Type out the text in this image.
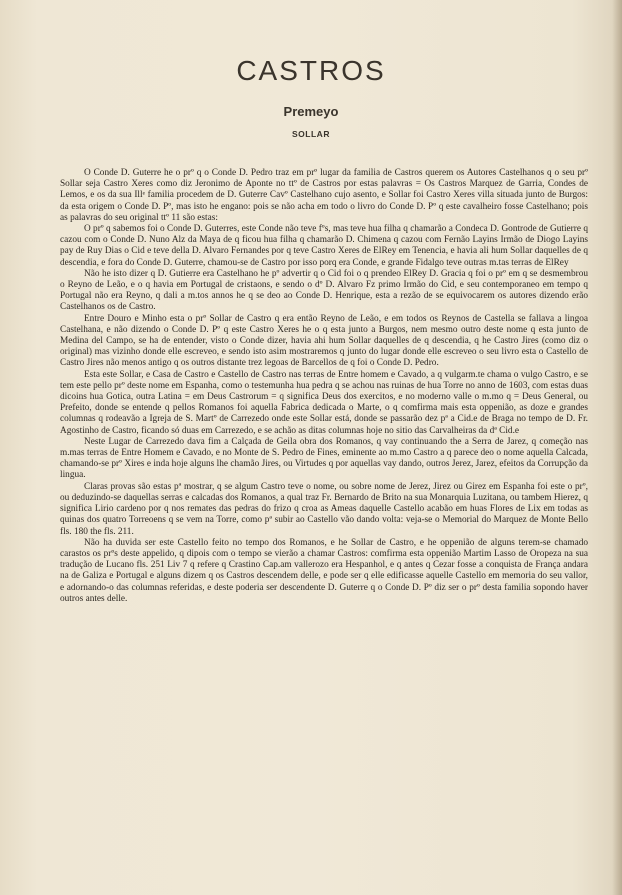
CASTROS
Premeyo
SOLLAR

O Conde D. Guterre he o prº q o Conde D. Pedro traz em prº lugar da familia de Castros querem os Autores Castelhanos q o seu prº Sollar seja Castro Xeres como diz Jeronimo de Aponte no ttº de Castros por estas palavras = Os Castros Marquez de Garria, Condes de Lemos, e os da sua Illᵉ familia procedem de D. Guterre Cavº Castelhano cujo asento, e Sollar foi Castro Xeres villa situada junto de Burgos: da esta origem o Conde D. Pº, mas isto he engano: pois se não acha em todo o livro do Conde D. Pº q este cavalheiro fosse Castelhano; pois as palavras do seu original ttº 11 são estas:

O prº q sabemos foi o Conde D. Guterres, este Conde não teve fºs, mas teve hua filha q chamarão a Condeca D. Gontrode de Gutierre q cazou com o Conde D. Nuno Alz da Maya de q ficou hua filha q chamarão D. Chimena q cazou com Fernão Layins Irmão de Diogo Layins pay de Ruy Dias o Cid e teve della D. Alvaro Fernandes por q teve Castro Xeres de ElRey em Tenencia, e havia ali hum Sollar daquelles de q descendia, e fora do Conde D. Guterre, chamou-se de Castro por isso porq era Conde, e grande Fidalgo teve outras m.tas terras de ElRey

Não he isto dizer q D. Gutierre era Castelhano he pº advertir q o Cid foi o q prendeo ElRey D. Gracia q foi o prº em q se desmembrou o Reyno de Leão, e o q havia em Portugal de cristaons, e sendo o dº D. Alvaro Fz primo Irmão do Cid, e seu contemporaneo em tempo q Portugal não era Reyno, q dali a m.tos annos he q se deo ao Conde D. Henrique, esta a rezão de se equivocarem os autores dizendo erão Castelhanos os de Castro.

Entre Douro e Minho esta o prº Sollar de Castro q era então Reyno de Leão, e em todos os Reynos de Castella se fallava a lingoa Castelhana, e não dizendo o Conde D. Pº q este Castro Xeres he o q esta junto a Burgos, nem mesmo outro deste nome q esta junto de Medina del Campo, se ha de entender, visto o Conde dizer, havia ahi hum Sollar daquelles de q descendia, q he Castro Jires (como diz o original) mas vizinho donde elle escreveo, e sendo isto asim mostraremos q junto do lugar donde elle escreveo o seu livro esta o Castello de Castro Jires não menos antigo q os outros distante trez legoas de Barcellos de q foi o Conde D. Pedro.

Esta este Sollar, e Casa de Castro e Castello de Castro nas terras de Entre homem e Cavado, a q vulgarm.te chama o vulgo Castro, e se tem este pello prº deste nome em Espanha, como o testemunha hua pedra q se achou nas ruinas de hua Torre no anno de 1603, com estas duas dicoins hua Gotica, outra Latina = em Deus Castrorum = q significa Deus dos exercitos, e no moderno valle o m.mo q = Deus General, ou Prefeito, donde se entende q pellos Romanos foi aquella Fabrica dedicada o Marte, o q comfirma mais esta oppenião, as doze e grandes columnas q rodeavão a Igreja de S. Martº de Carrezedo onde este Sollar está, donde se passarão dez pª a Cid.e de Braga no tempo de D. Fr. Agostinho de Castro, ficando só duas em Carrezedo, e se achão as ditas columnas hoje no sitio das Carvalheiras da dª Cid.e

Neste Lugar de Carrezedo dava fim a Calçada de Geila obra dos Romanos, q vay continuando the a Serra de Jarez, q começão nas m.mas terras de Entre Homem e Cavado, e no Monte de S. Pedro de Fines, eminente ao m.mo Castro a q parece deo o nome aquella Calcada, chamando-se prº Xires e inda hoje alguns lhe chamão Jires, ou Virtudes q por aquellas vay dando, outros Jerez, Jarez, efeitos da Corrupção da lingua.

Claras provas são estas pª mostrar, q se algum Castro teve o nome, ou sobre nome de Jerez, Jirez ou Girez em Espanha foi este o prº, ou deduzindo-se daquellas serras e calcadas dos Romanos, a qual traz Fr. Bernardo de Brito na sua Monarquia Luzitana, ou tambem Hierez, q significa Lirio cardeno por q nos remates das pedras do frizo q croa as Ameas daquelle Castello acabão em huas Flores de Lix em todas as quinas dos quatro Torreoens q se vem na Torre, como pª subir ao Castello vão dando volta: veja-se o Memorial do Marquez de Monte Bello fls. 180 the fls. 211.

Não ha duvida ser este Castello feito no tempo dos Romanos, e he Sollar de Castro, e he oppenião de alguns terem-se chamado carastos os prºs deste appelido, q dipois com o tempo se vierão a chamar Castros: comfirma esta oppenião Martim Lasso de Oropeza na sua tradução de Lucano fls. 251 Liv 7 q refere q Crastino Cap.am vallerozo era Hespanhol, e q antes q Cezar fosse a conquista de França andara na de Galiza e Portugal e alguns dizem q os Castros descendem delle, e pode ser q elle edificasse aquelle Castello em memoria do seu vallor, e adornando-o das columnas referidas, e deste poderia ser descendente D. Guterre q o Conde D. Pº diz ser o prº desta familia sopondo haver outros antes delle.
